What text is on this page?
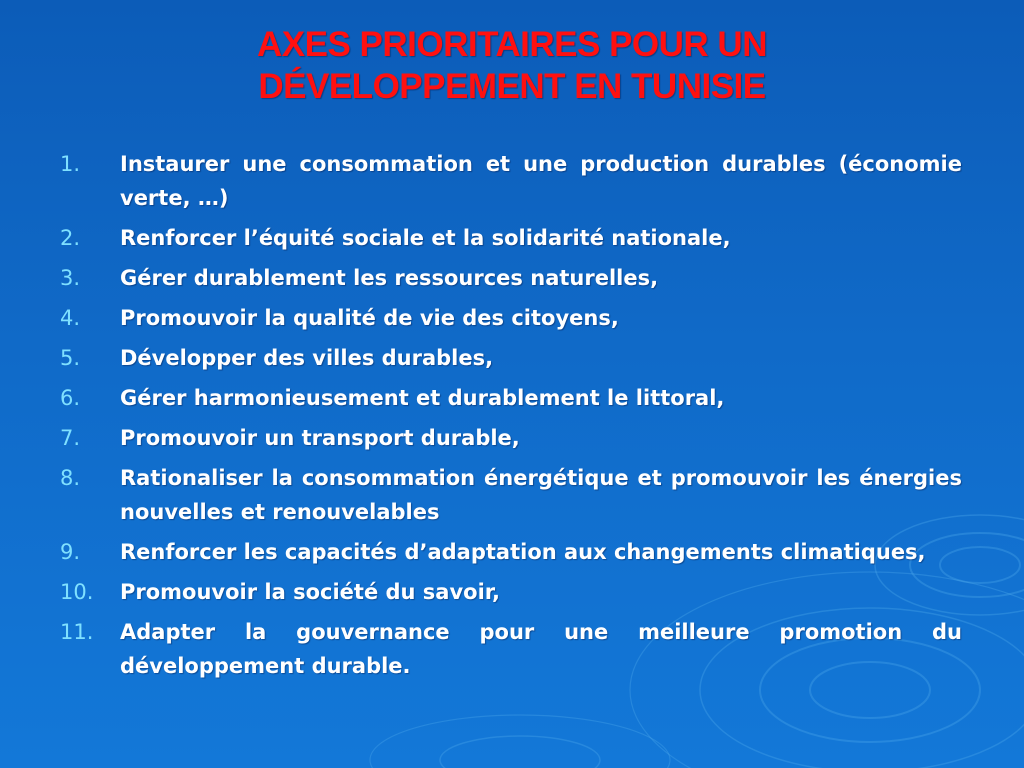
AXES PRIORITAIRES POUR UN
DÉVELOPPEMENT EN TUNISIE
1. Instaurer une consommation et une production durables (économie verte, …)
2. Renforcer l’équité sociale et la solidarité nationale,
3. Gérer durablement les ressources naturelles,
4. Promouvoir la qualité de vie des citoyens,
5. Développer des villes durables,
6. Gérer harmonieusement et durablement le littoral,
7. Promouvoir un transport durable,
8. Rationaliser la consommation énergétique et promouvoir les énergies nouvelles et renouvelables
9. Renforcer les capacités d’adaptation aux changements climatiques,
10. Promouvoir la société du savoir,
11. Adapter la gouvernance pour une meilleure promotion du développement durable.
